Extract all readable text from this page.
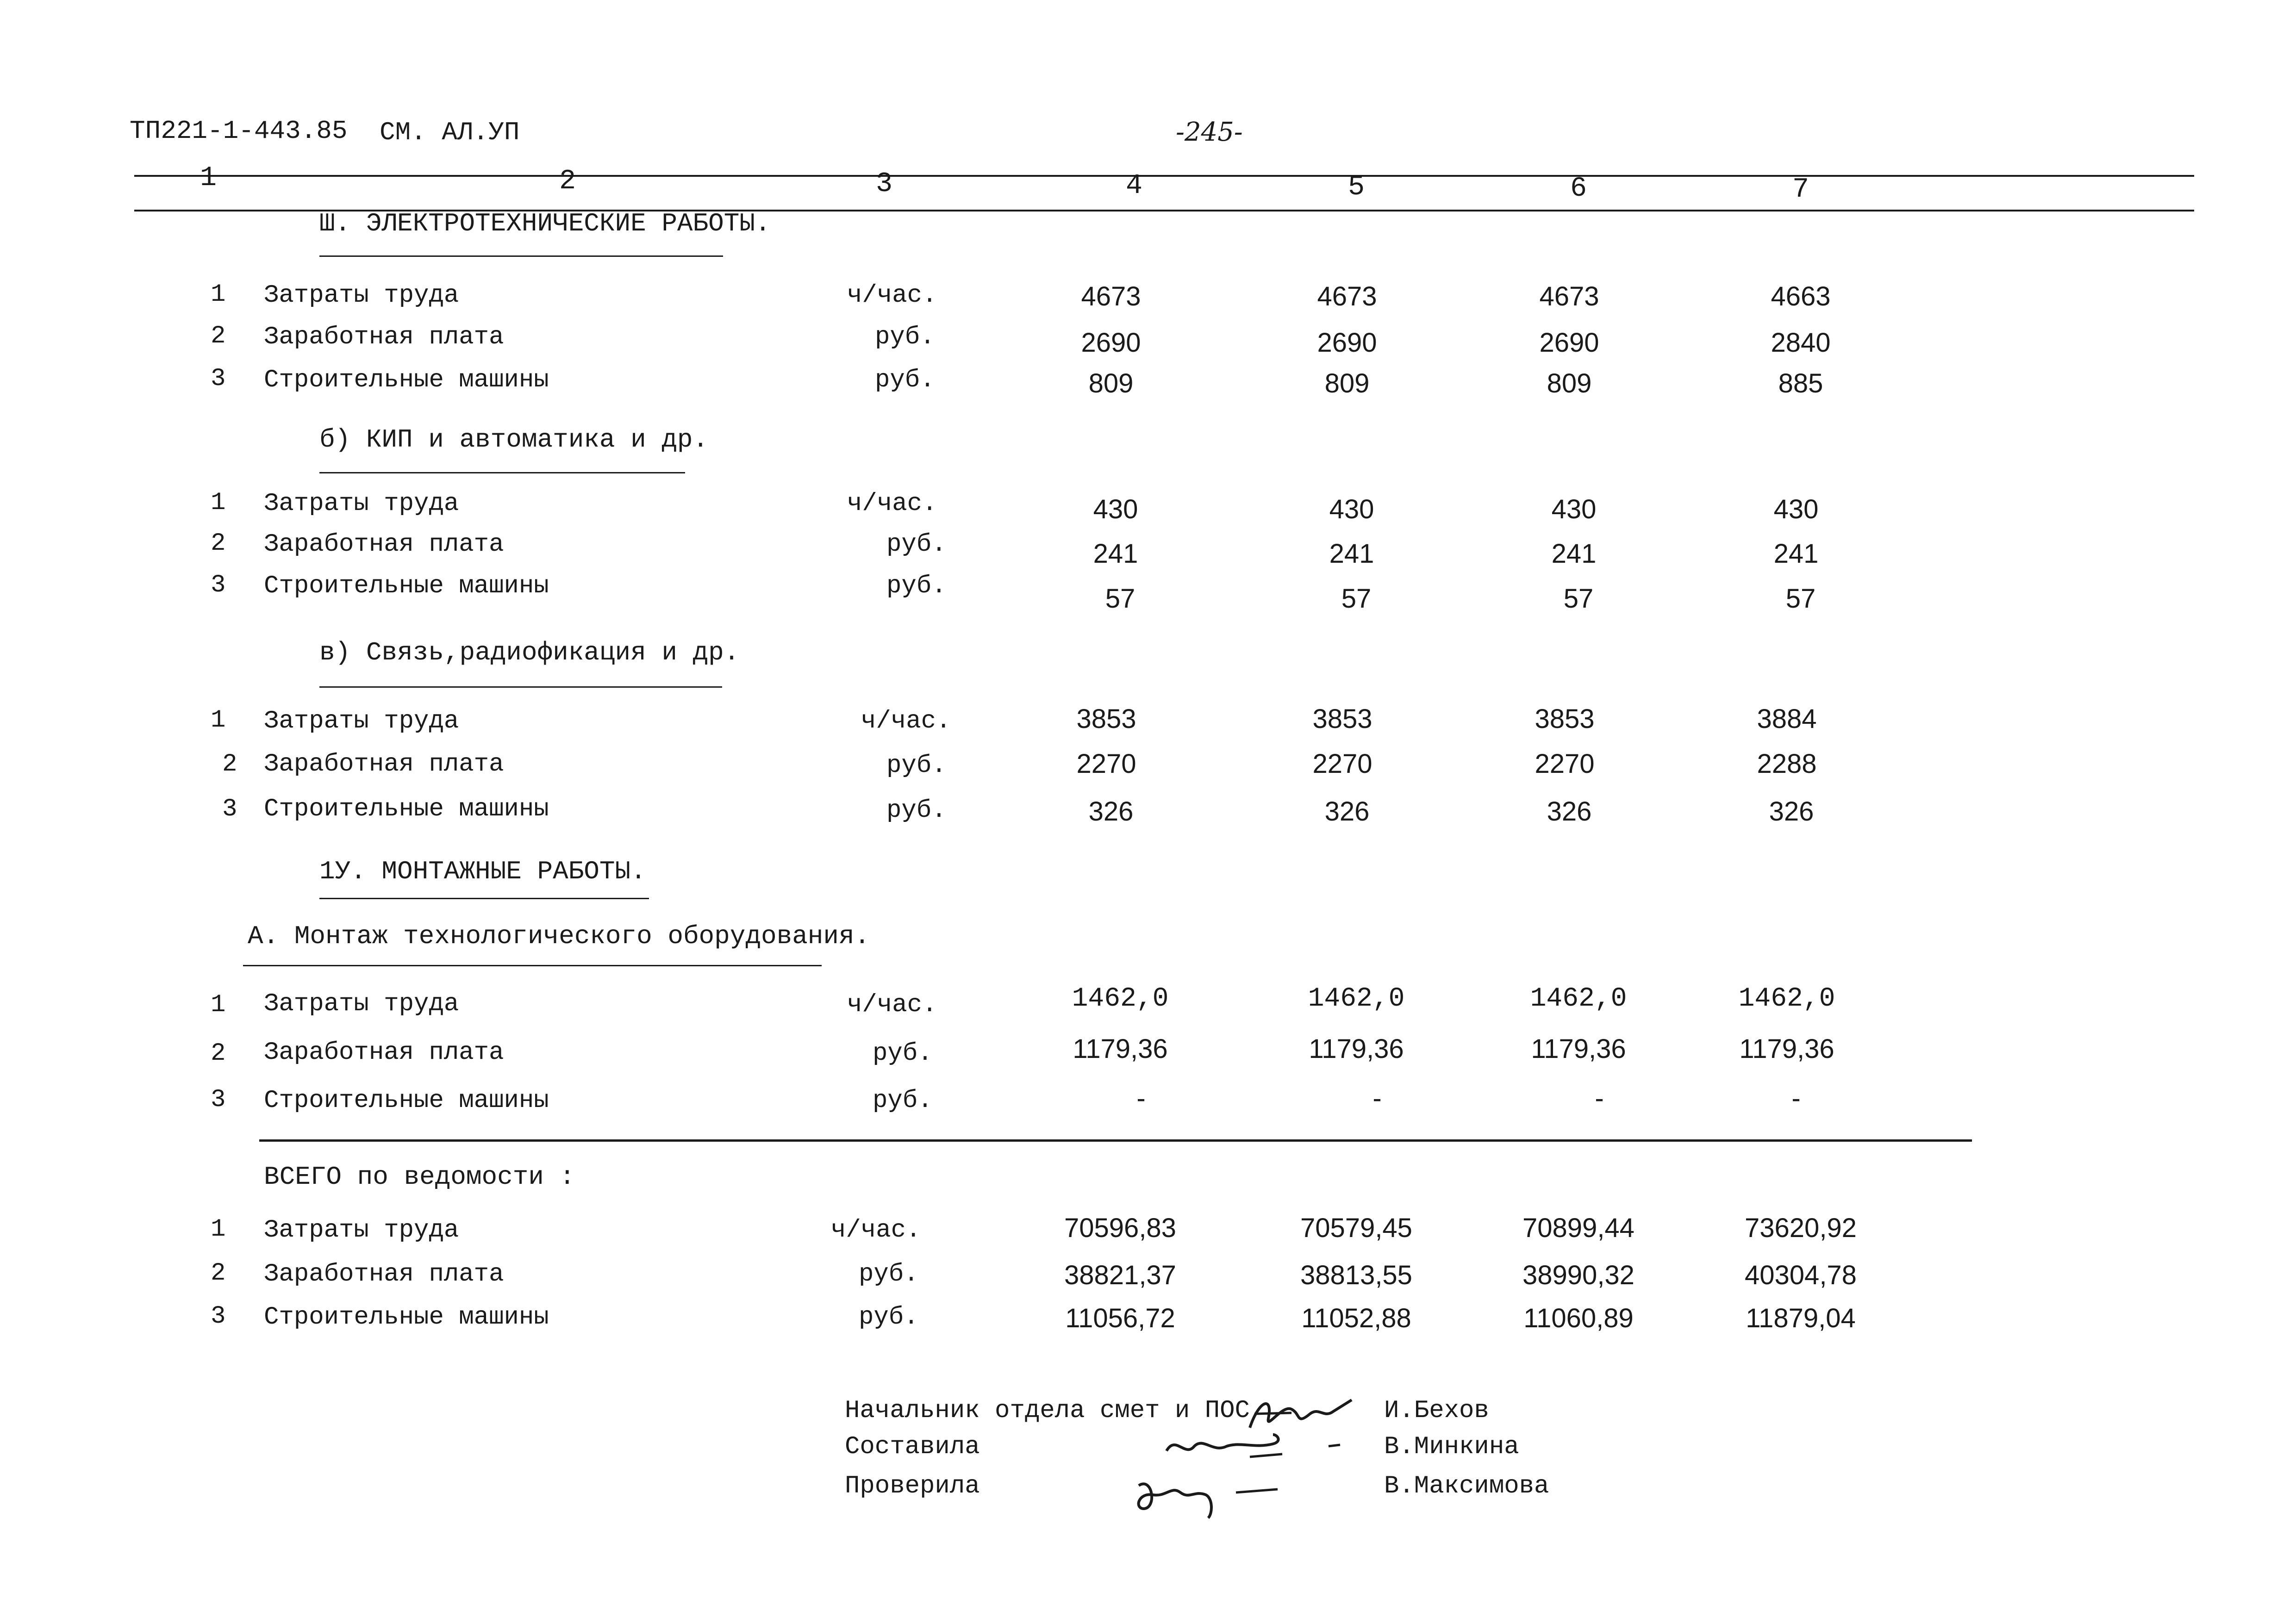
ТП221-1-443.85 СМ. АЛ.УП	-245-
1	2	3	4	5	6	7
Ш. ЭЛЕКТРОТЕХНИЧЕСКИЕ РАБОТЫ.
1 Затраты труда	ч/час.	4673	4673	4673	4663
2 Заработная плата	руб.	2690	2690	2690	2840
3 Строительные машины	руб.	809	809	809	885
б) КИП и автоматика и др.
1 Затраты труда	ч/час.	430	430	430	430
2 Заработная плата	руб.	241	241	241	241
3 Строительные машины	руб.	57	57	57	57
в) Связь,радиофикация и др.
1 Затраты труда	ч/час.	3853	3853	3853	3884
2 Заработная плата	руб.	2270	2270	2270	2288
3 Строительные машины	руб.	326	326	326	326
1У. МОНТАЖНЫЕ РАБОТЫ.
А. Монтаж технологического оборудования.
1 Затраты труда	ч/час.	1462,0	1462,0	1462,0	1462,0
2 Заработная плата	руб.	1179,36	1179,36	1179,36	1179,36
3 Строительные машины	руб.	-	-	-	-
ВСЕГО по ведомости :
1 Затраты труда	ч/час.	70596,83	70579,45	70899,44	73620,92
2 Заработная плата	руб.	38821,37	38813,55	38990,32	40304,78
3 Строительные машины	руб.	11056,72	11052,88	11060,89	11879,04
Начальник отдела смет и ПОС	И.Бехов
Составила	В.Минкина
Проверила	В.Максимова
